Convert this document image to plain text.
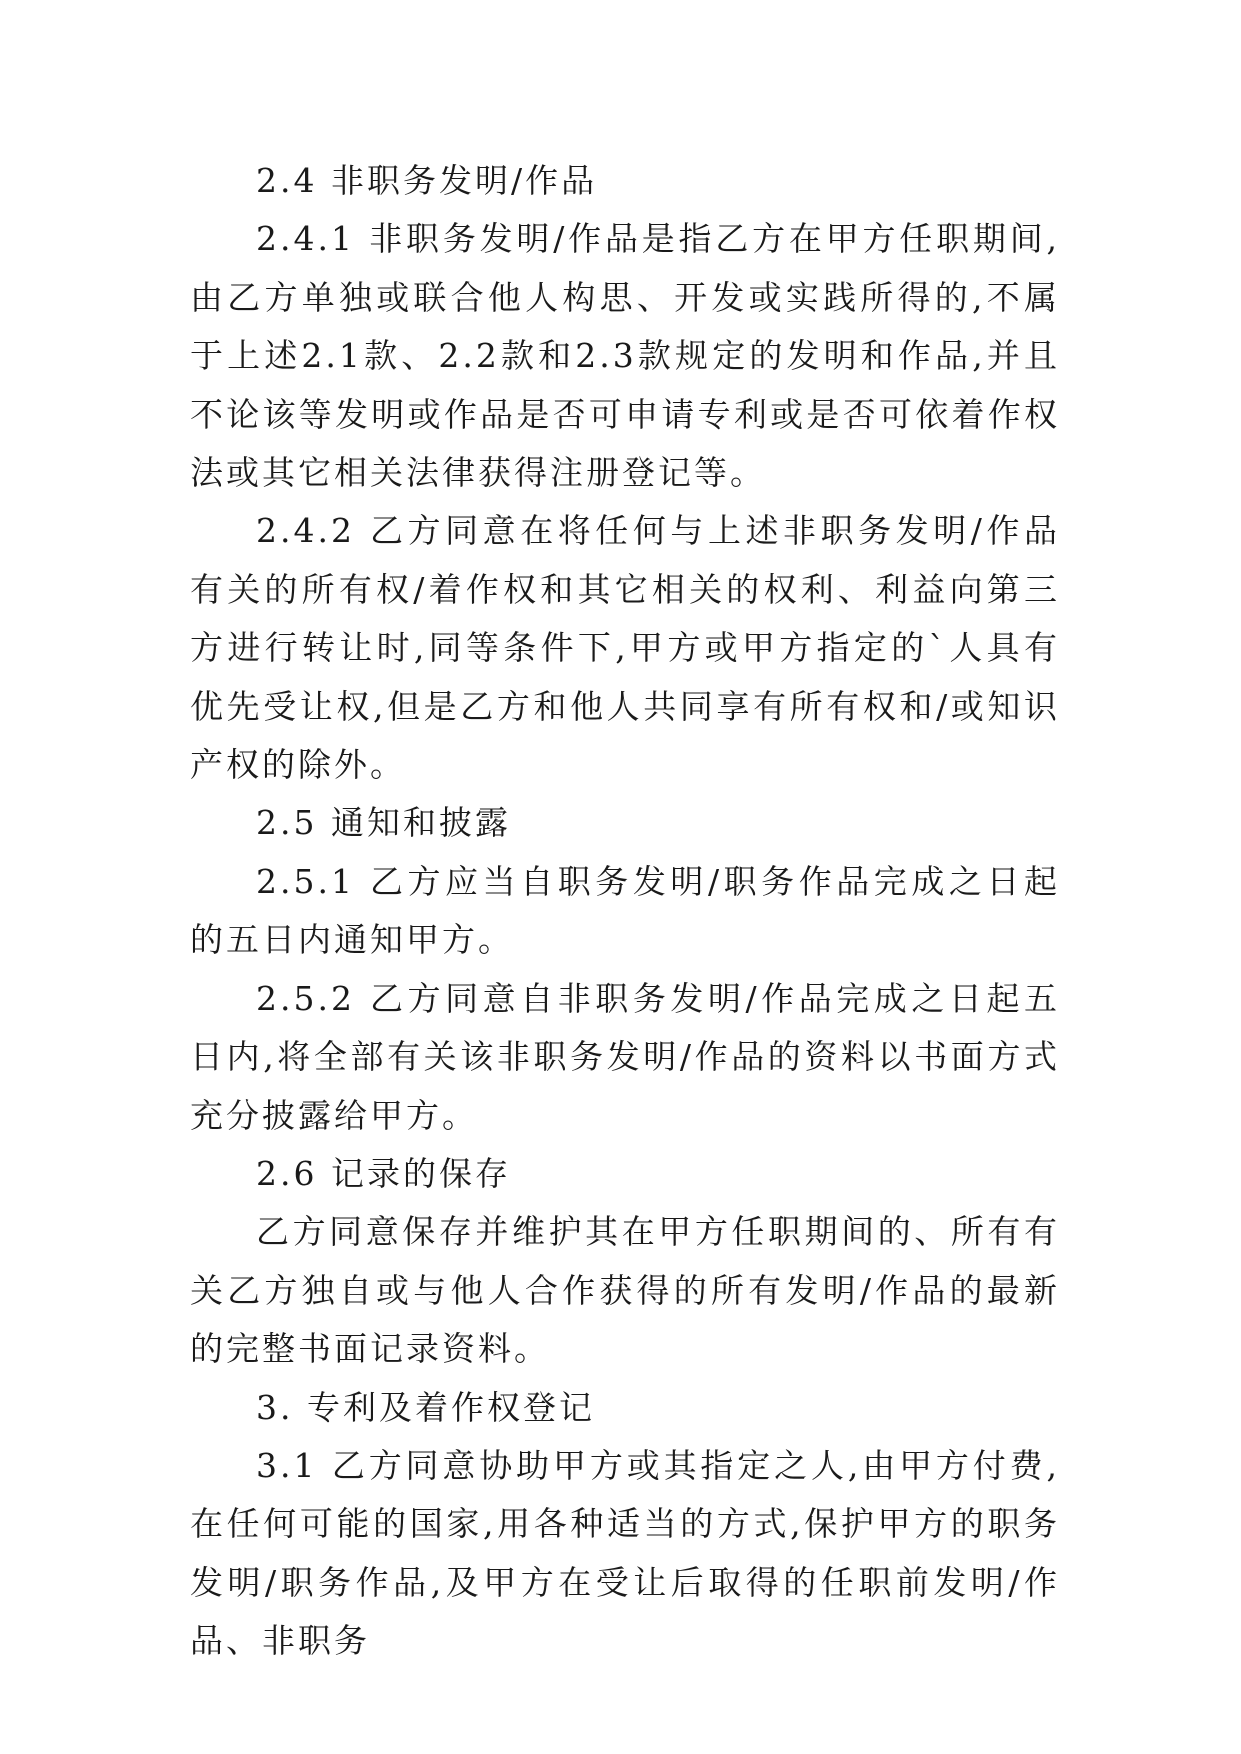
2.4 非职务发明/作品

2.4.1 非职务发明/作品是指乙方在甲方任职期间,由乙方单独或联合他人构思、开发或实践所得的,不属于上述2.1款、2.2款和2.3款规定的发明和作品,并且不论该等发明或作品是否可申请专利或是否可依着作权法或其它相关法律获得注册登记等。

2.4.2 乙方同意在将任何与上述非职务发明/作品有关的所有权/着作权和其它相关的权利、利益向第三方进行转让时,同等条件下,甲方或甲方指定的`人具有优先受让权,但是乙方和他人共同享有所有权和/或知识产权的除外。

2.5 通知和披露

2.5.1 乙方应当自职务发明/职务作品完成之日起的五日内通知甲方。

2.5.2 乙方同意自非职务发明/作品完成之日起五日内,将全部有关该非职务发明/作品的资料以书面方式充分披露给甲方。

2.6 记录的保存

乙方同意保存并维护其在甲方任职期间的、所有有关乙方独自或与他人合作获得的所有发明/作品的最新的完整书面记录资料。

3. 专利及着作权登记

3.1 乙方同意协助甲方或其指定之人,由甲方付费,在任何可能的国家,用各种适当的方式,保护甲方的职务发明/职务作品,及甲方在受让后取得的任职前发明/作品、非职务
